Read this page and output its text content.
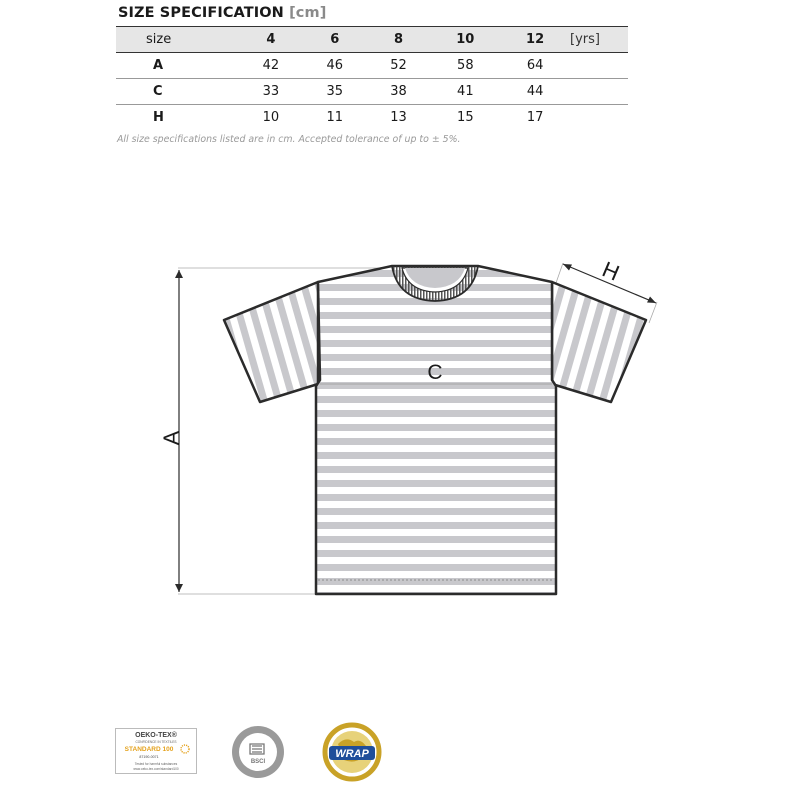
SIZE SPECIFICATION [cm]
size	4	6	8	10	12	[yrs]
A	42	46	52	58	64	
C	33	35	38	41	44	
H	10	11	13	15	17	
All size specifications listed are in cm. Accepted tolerance of up to ± 5%.
A
H
C
OEKO-TEX®
CONFIDENCE IN TEXTILES
STANDARD 100
87190-0071
Tested for harmful substances
www.oeko-tex.com/standard100
BSCI
WRAP
